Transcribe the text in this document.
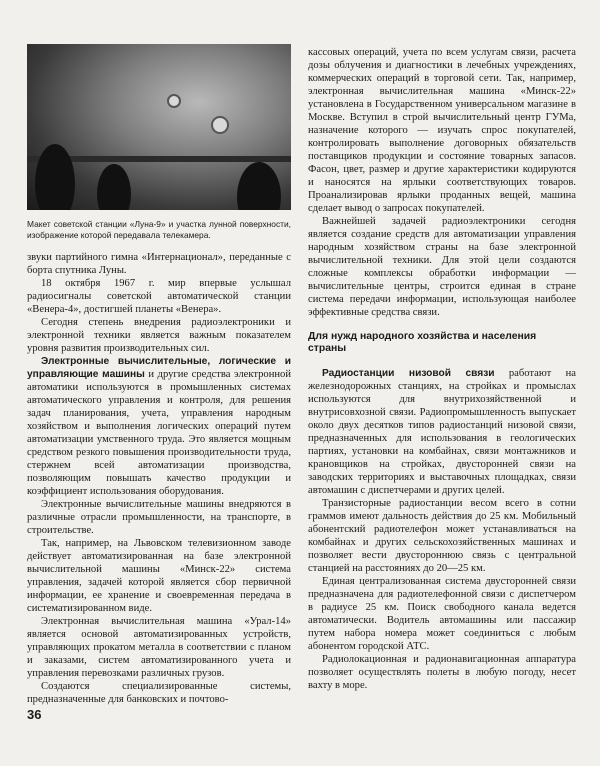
Макет советской станции «Луна-9» и участка лунной поверхности, изображение которой передавала телекамера.

звуки партийного гимна «Интернационал», переданные с борта спутника Луны.

18 октября 1967 г. мир впервые услышал радиосигналы советской автоматической станции «Венера-4», достигшей планеты «Венера».

Сегодня степень внедрения радиоэлектроники и электронной техники является важным показателем уровня развития производительных сил.

Электронные вычислительные, логические и управляющие машины и другие средства электронной автоматики используются в промышленных системах автоматического управления и контроля, для решения задач планирования, учета, управления народным хозяйством и выполнения логических операций путем автоматизации умственного труда. Это является мощным средством резкого повышения производительности труда, стержнем всей автоматизации производства, позволяющим повышать качество продукции и коэффициент использования оборудования.

Электронные вычислительные машины внедряются в различные отрасли промышленности, на транспорте, в строительстве.

Так, например, на Львовском телевизионном заводе действует автоматизированная на базе электронной вычислительной машины «Минск-22» система управления, задачей которой является сбор первичной информации, ее хранение и своевременная передача в систематизированном виде.

Электронная вычислительная машина «Урал-14» является основой автоматизированных устройств, управляющих прокатом металла в соответствии с планом и заказами, систем автоматизированного учета и управления перевозками различных грузов.

Создаются специализированные системы, предназначенные для банковских и почтово-

кассовых операций, учета по всем услугам связи, расчета дозы облучения и диагностики в лечебных учреждениях, коммерческих операций в торговой сети. Так, например, электронная вычислительная машина «Минск-22» установлена в Государственном универсальном магазине в Москве. Вступил в строй вычислительный центр ГУМа, назначение которого — изучать спрос покупателей, контролировать выполнение договорных обязательств поставщиков продукции и состояние товарных запасов. Фасон, цвет, размер и другие характеристики кодируются и наносятся на ярлыки соответствующих товаров. Проанализировав ярлыки проданных вещей, машина сделает вывод о запросах покупателей.

Важнейшей задачей радиоэлектроники сегодня является создание средств для автоматизации управления народным хозяйством страны на базе электронной вычислительной техники. Для этой цели создаются сложные комплексы обработки информации — вычислительные центры, строится единая в стране система передачи информации, использующая наиболее эффективные средства связи.

Для нужд народного хозяйства и населения страны

Радиостанции низовой связи работают на железнодорожных станциях, на стройках и промыслах используются для внутрихозяйственной и внутрисовхозной связи. Радиопромышленность выпускает около двух десятков типов радиостанций низовой связи, предназначенных для использования в геологических партиях, установки на комбайнах, связи монтажников и крановщиков на стройках, двусторонней связи на заводских территориях и выставочных площадках, связи автомашин с диспетчерами и других целей.

Транзисторные радиостанции весом всего в сотни граммов имеют дальность действия до 25 км. Мобильный абонентский радиотелефон может устанавливаться на комбайнах и других сельскохозяйственных машинах и позволяет вести двустороннюю связь с центральной станцией на расстояниях до 20—25 км.

Единая централизованная система двусторонней связи предназначена для радиотелефонной связи с диспетчером в радиусе 25 км. Поиск свободного канала ведется автоматически. Водитель автомашины или пассажир путем набора номера может соединиться с любым абонентом городской АТС.

Радиолокационная и радионавигационная аппаратура позволяет осуществлять полеты в любую погоду, несет вахту в море.

36
